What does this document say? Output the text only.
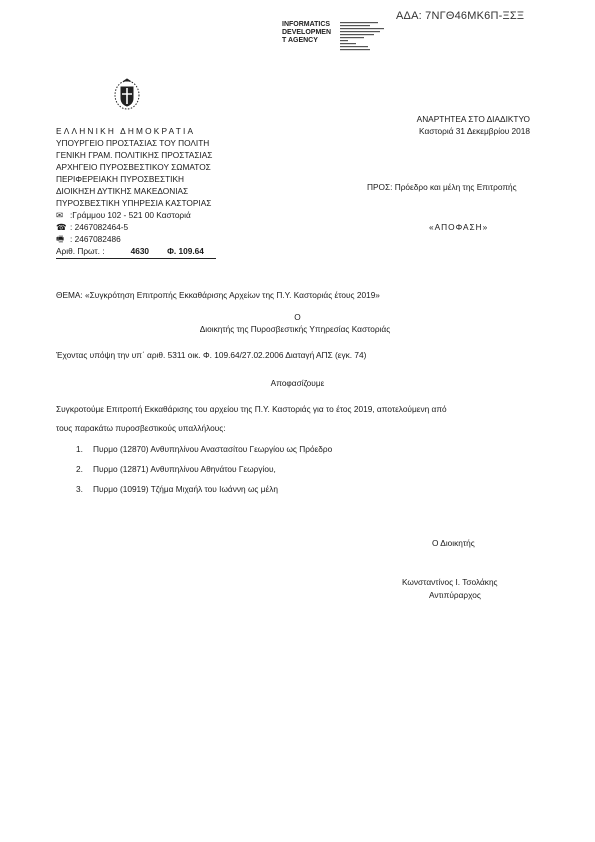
ΑΔΑ: 7ΝΓΘ46ΜΚ6Π-ΞΣΞ
INFORMATICS
DEVELOPMEN
T AGENCY
ΕΛΛΗΝΙΚΗ ΔΗΜΟΚΡΑΤΙΑ
ΥΠΟΥΡΓΕΙΟ ΠΡΟΣΤΑΣΙΑΣ ΤΟΥ ΠΟΛΙΤΗ
ΓΕΝΙΚΗ ΓΡΑΜ. ΠΟΛΙΤΙΚΗΣ ΠΡΟΣΤΑΣΙΑΣ
ΑΡΧΗΓΕΙΟ ΠΥΡΟΣΒΕΣΤΙΚΟΥ ΣΩΜΑΤΟΣ
ΠΕΡΙΦΕΡΕΙΑΚΗ ΠΥΡΟΣΒΕΣΤΙΚΗ
ΔΙΟΙΚΗΣΗ ΔΥΤΙΚΗΣ ΜΑΚΕΔΟΝΙΑΣ
ΠΥΡΟΣΒΕΣΤΙΚΗ ΥΠΗΡΕΣΙΑ ΚΑΣΤΟΡΙΑΣ
✉ :Γράμμου 102 - 521 00 Καστοριά
☎ : 2467082464-5
🖷 : 2467082486
Αριθ. Πρωτ. :	4630 Φ. 109.64
ΑΝΑΡΤΗΤΕΑ ΣΤΟ ΔΙΑΔΙΚΤΥΟ
Καστοριά 31 Δεκεμβρίου 2018
ΠΡΟΣ: Πρόεδρο και μέλη της Επιτροπής
«ΑΠΟΦΑΣΗ»
ΘΕΜΑ: «Συγκρότηση Επιτροπής Εκκαθάρισης Αρχείων της Π.Υ. Καστοριάς έτους 2019»
Ο
Διοικητής της Πυροσβεστικής Υπηρεσίας Καστοριάς
Έχοντας υπόψη την υπ΄ αριθ. 5311 οικ. Φ. 109.64/27.02.2006 Διαταγή ΑΠΣ (εγκ. 74)
Αποφασίζουμε
Συγκροτούμε Επιτροπή Εκκαθάρισης του αρχείου της Π.Υ. Καστοριάς για το έτος 2019, αποτελούμενη από
τους παρακάτω πυροσβεστικούς υπαλλήλους:
1. Πυρμο (12870) Ανθυπηλίνου Αναστασίτου Γεωργίου ως Πρόεδρο
2. Πυρμο (12871) Ανθυπηλίνου Αθηνάτου Γεωργίου,
3. Πυρμο (10919) Τζήμα Μιχαήλ του Ιωάννη ως μέλη
Ο Διοικητής
Κωνσταντίνος Ι. Τσολάκης
Αντιπύραρχος
